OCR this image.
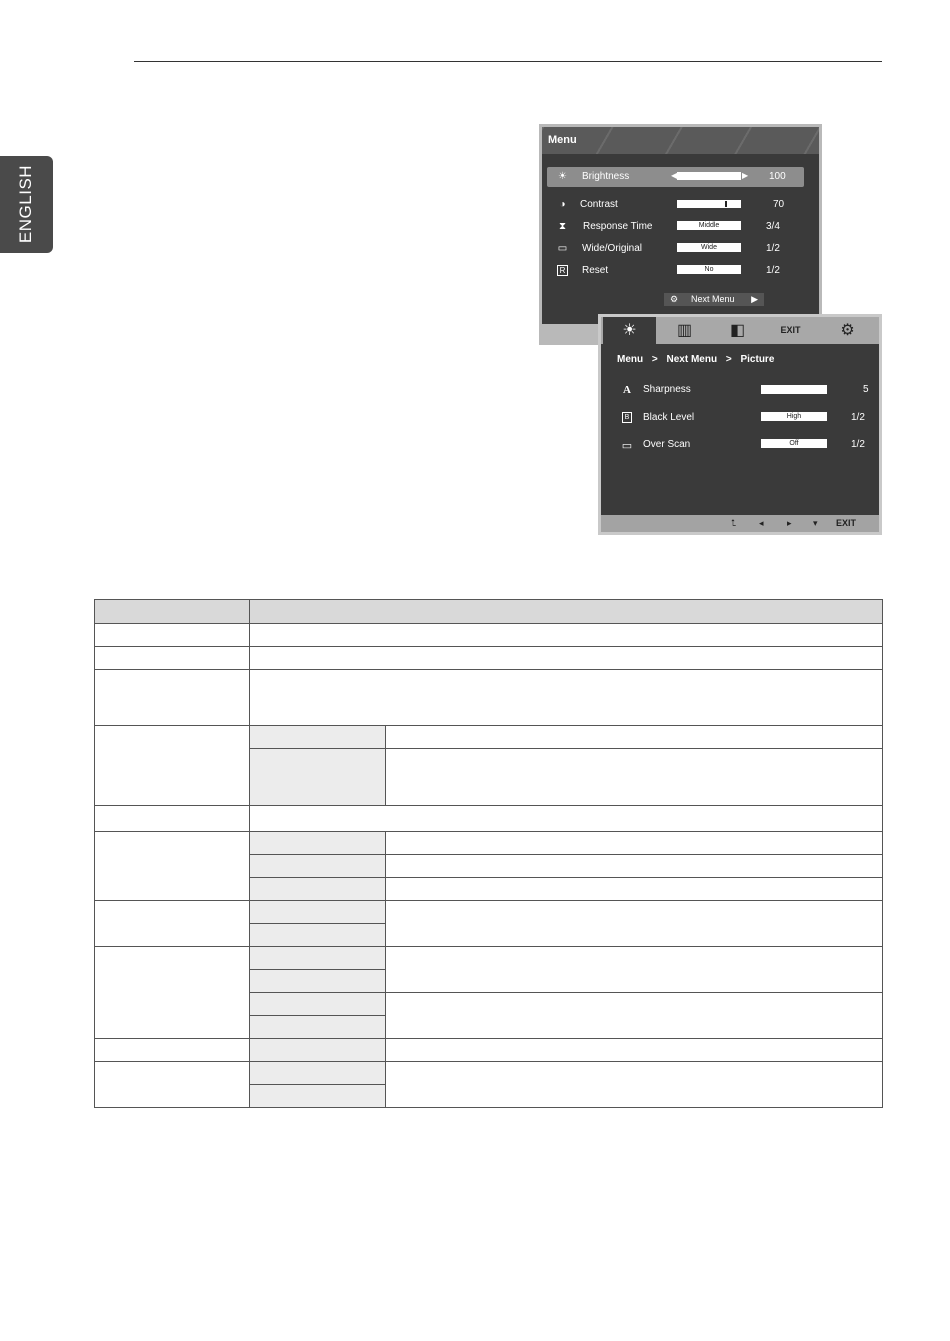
ENGLISH
Menu
☀ Brightness	◀	▶ 100
◑ Contrast	70
⧗ Response Time	Middle	3/4
▭ Wide/Original	Wide	1/2
R Reset	No	1/2
⚙ Next Menu ▶
☀	▥	◧	EXIT	⚙
Menu > Next Menu > Picture
A Sharpness	5
B Black Level	High	1/2
▭ Over Scan	Off	1/2
⮤	◂	▸ ▾ EXIT
